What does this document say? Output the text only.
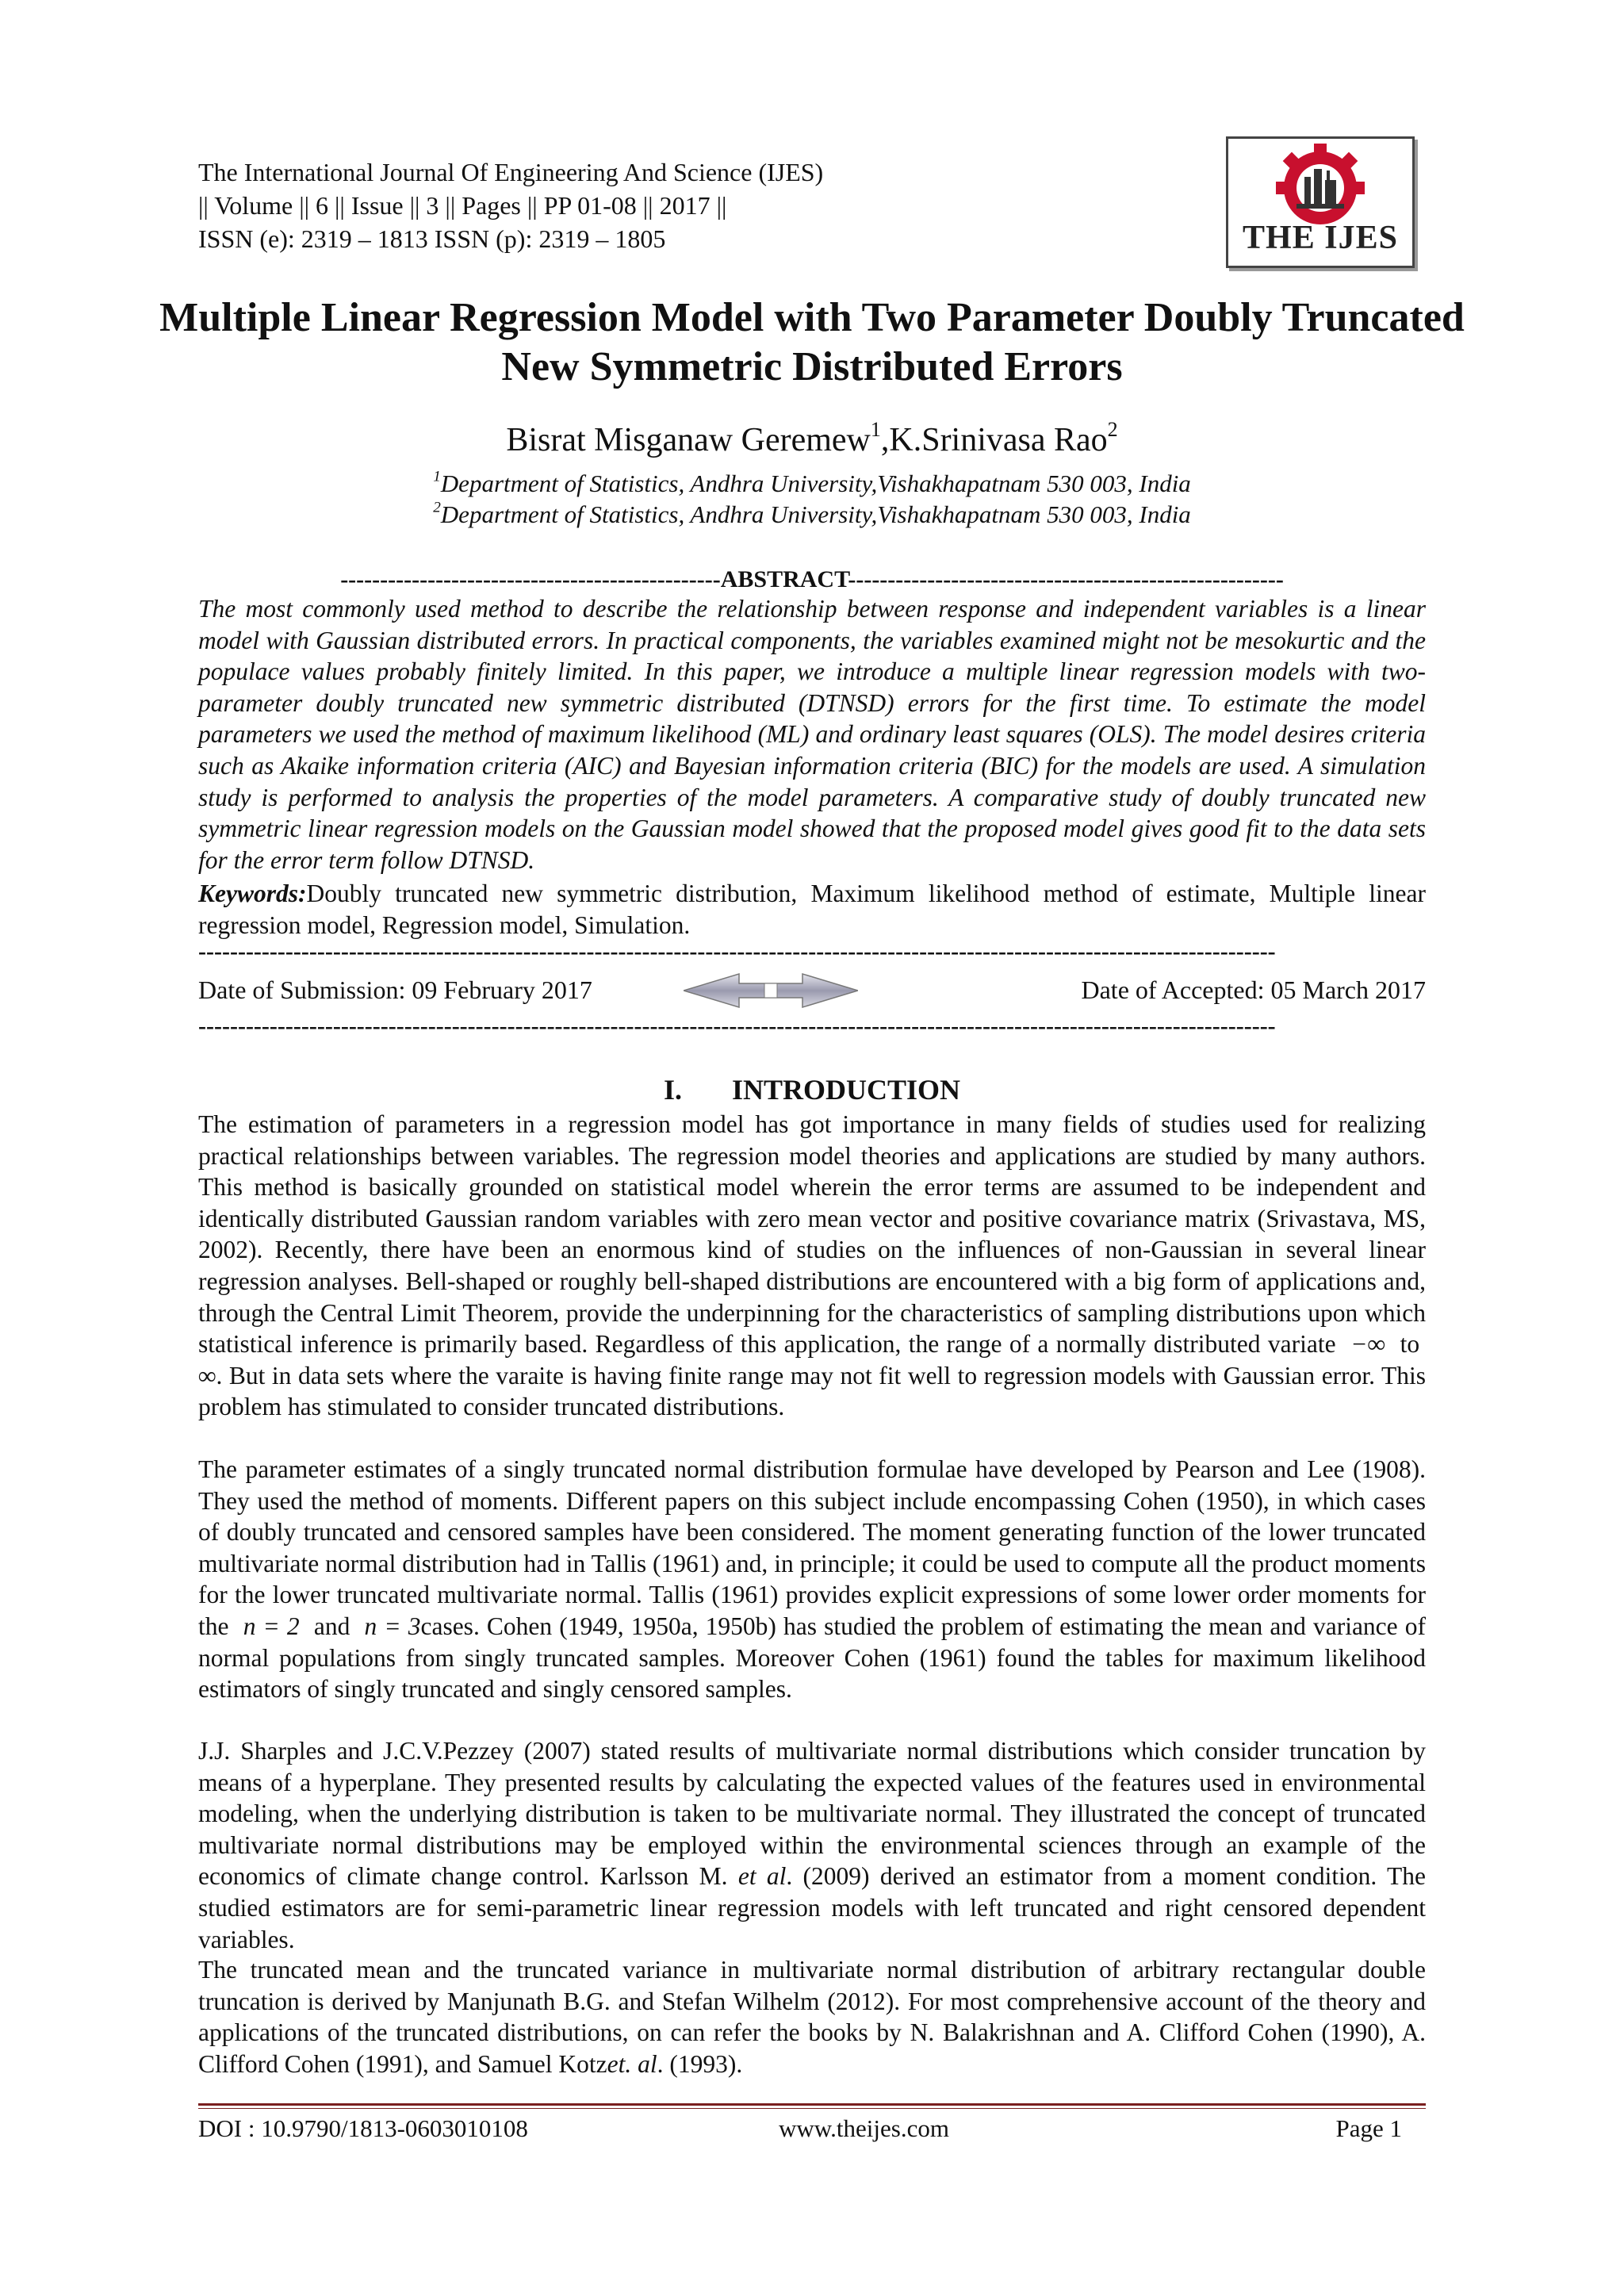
The International Journal Of Engineering And Science (IJES)
|| Volume || 6 || Issue || 3 || Pages || PP 01-08 || 2017 ||
ISSN (e): 2319 – 1813 ISSN (p): 2319 – 1805	THE IJES
Multiple Linear Regression Model with Two Parameter Doubly Truncated New Symmetric Distributed Errors
Bisrat Misganaw Geremew$^1$,K.Srinivasa Rao$^2$
$^1$Department of Statistics, Andhra University,Vishakhapatnam 530 003, India
$^2$Department of Statistics, Andhra University,Vishakhapatnam 530 003, India
------------------------------------------------ABSTRACT-------------------------------------------------------
The most commonly used method to describe the relationship between response and independent variables is a linear model with Gaussian distributed errors. In practical components, the variables examined might not be mesokurtic and the populace values probably finitely limited. In this paper, we introduce a multiple linear regression models with two-parameter doubly truncated new symmetric distributed (DTNSD) errors for the first time. To estimate the model parameters we used the method of maximum likelihood (ML) and ordinary least squares (OLS). The model desires criteria such as Akaike information criteria (AIC) and Bayesian information criteria (BIC) for the models are used. A simulation study is performed to analysis the properties of the model parameters. A comparative study of doubly truncated new symmetric linear regression models on the Gaussian model showed that the proposed model gives good fit to the data sets for the error term follow DTNSD.
Keywords:Doubly truncated new symmetric distribution, Maximum likelihood method of estimate, Multiple linear regression model, Regression model, Simulation.
----------------------------------------------------------------------------------------------------------------------------------------
Date of Submission: 09 February 2017	Date of Accepted: 05 March 2017
----------------------------------------------------------------------------------------------------------------------------------------
I. INTRODUCTION
The estimation of parameters in a regression model has got importance in many fields of studies used for realizing practical relationships between variables. The regression model theories and applications are studied by many authors. This method is basically grounded on statistical model wherein the error terms are assumed to be independent and identically distributed Gaussian random variables with zero mean vector and positive covariance matrix (Srivastava, MS, 2002). Recently, there have been an enormous kind of studies on the influences of non-Gaussian in several linear regression analyses. Bell-shaped or roughly bell-shaped distributions are encountered with a big form of applications and, through the Central Limit Theorem, provide the underpinning for the characteristics of sampling distributions upon which statistical inference is primarily based. Regardless of this application, the range of a normally distributed variate −∞ to  ∞. But in data sets where the varaite is having finite range may not fit well to regression models with Gaussian error. This problem has stimulated to consider truncated distributions.
The parameter estimates of a singly truncated normal distribution formulae have developed by Pearson and Lee (1908). They used the method of moments. Different papers on this subject include encompassing Cohen (1950), in which cases of doubly truncated and censored samples have been considered. The moment generating function of the lower truncated multivariate normal distribution had in Tallis (1961) and, in principle; it could be used to compute all the product moments for the lower truncated multivariate normal. Tallis (1961) provides explicit expressions of some lower order moments for the n = 2 and n = 3cases. Cohen (1949, 1950a, 1950b) has studied the problem of estimating the mean and variance of normal populations from singly truncated samples. Moreover Cohen (1961) found the tables for maximum likelihood estimators of singly truncated and singly censored samples.
J.J. Sharples and J.C.V.Pezzey (2007) stated results of multivariate normal distributions which consider truncation by means of a hyperplane. They presented results by calculating the expected values of the features used in environmental modeling, when the underlying distribution is taken to be multivariate normal. They illustrated the concept of truncated multivariate normal distributions may be employed within the environmental sciences through an example of the economics of climate change control. Karlsson M. et al. (2009) derived an estimator from a moment condition. The studied estimators are for semi-parametric linear regression models with left truncated and right censored dependent variables.
The truncated mean and the truncated variance in multivariate normal distribution of arbitrary rectangular double truncation is derived by Manjunath B.G. and Stefan Wilhelm (2012). For most comprehensive account of the theory and applications of the truncated distributions, on can refer the books by N. Balakrishnan and A. Clifford Cohen (1990), A. Clifford Cohen (1991), and Samuel Kotzet. al. (1993).
DOI : 10.9790/1813-0603010108	www.theijes.com	Page 1
